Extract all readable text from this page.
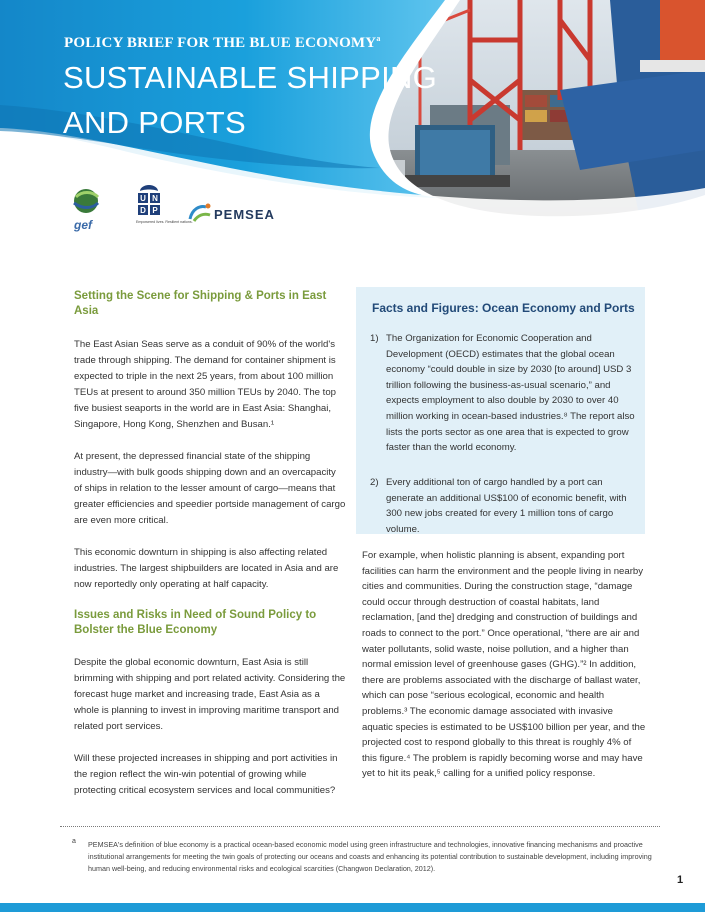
POLICY BRIEF FOR THE BLUE ECONOMY$^a$
SUSTAINABLE SHIPPING
AND PORTS
gef
U N
D P
Empowered lives. Resilient nations. PEMSEA
Setting the Scene for Shipping & Ports in East Asia

The East Asian Seas serve as a conduit of 90% of the world's trade through shipping. The demand for container shipment is expected to triple in the next 25 years, from about 100 million TEUs at present to around 350 million TEUs by 2040. The top five busiest seaports in the world are in East Asia: Shanghai, Singapore, Hong Kong, Shenzhen and Busan.¹

At present, the depressed financial state of the shipping industry—with bulk goods shipping down and an overcapacity of ships in relation to the lesser amount of cargo—means that greater efficiencies and speedier portside management of cargo are even more critical.

This economic downturn in shipping is also affecting related industries. The largest shipbuilders are located in Asia and are now reportedly only operating at half capacity.

Issues and Risks in Need of Sound Policy to Bolster the Blue Economy

Despite the global economic downturn, East Asia is still brimming with shipping and port related activity. Considering the forecast huge market and increasing trade, East Asia as a whole is planning to invest in improving maritime transport and related port services.

Will these projected increases in shipping and port activities in the region reflect the win-win potential of growing while protecting critical ecosystem services and local communities?

Facts and Figures: Ocean Economy and Ports
1) The Organization for Economic Cooperation and Development (OECD) estimates that the global ocean economy “could double in size by 2030 [to around] USD 3 trillion following the business-as-usual scenario,” and expects employment to also double by 2030 to over 40 million working in ocean-based industries.⁸ The report also lists the ports sector as one area that is expected to grow faster than the world economy.
2) Every additional ton of cargo handled by a port can generate an additional US$100 of economic benefit, with 300 new jobs created for every 1 million tons of cargo volume.

For example, when holistic planning is absent, expanding port facilities can harm the environment and the people living in nearby cities and communities. During the construction stage, “damage could occur through destruction of coastal habitats, land reclamation, [and the] dredging and construction of buildings and roads to connect to the port.” Once operational, “there are air and water pollutants, solid waste, noise pollution, and a higher than normal emission level of greenhouse gases (GHG).”² In addition, there are problems associated with the discharge of ballast water, which can pose “serious ecological, economic and health problems.³ The economic damage associated with invasive aquatic species is estimated to be US$100 billion per year, and the projected cost to respond globally to this threat is roughly 4% of this figure.⁴ The problem is rapidly becoming worse and may have yet to hit its peak,⁵ calling for a unified policy response.

a PEMSEA's definition of blue economy is a practical ocean-based economic model using green infrastructure and technologies, innovative financing mechanisms and proactive institutional arrangements for meeting the twin goals of protecting our oceans and coasts and enhancing its potential contribution to sustainable development, including improving human well-being, and reducing environmental risks and ecological scarcities (Changwon Declaration, 2012).
1
